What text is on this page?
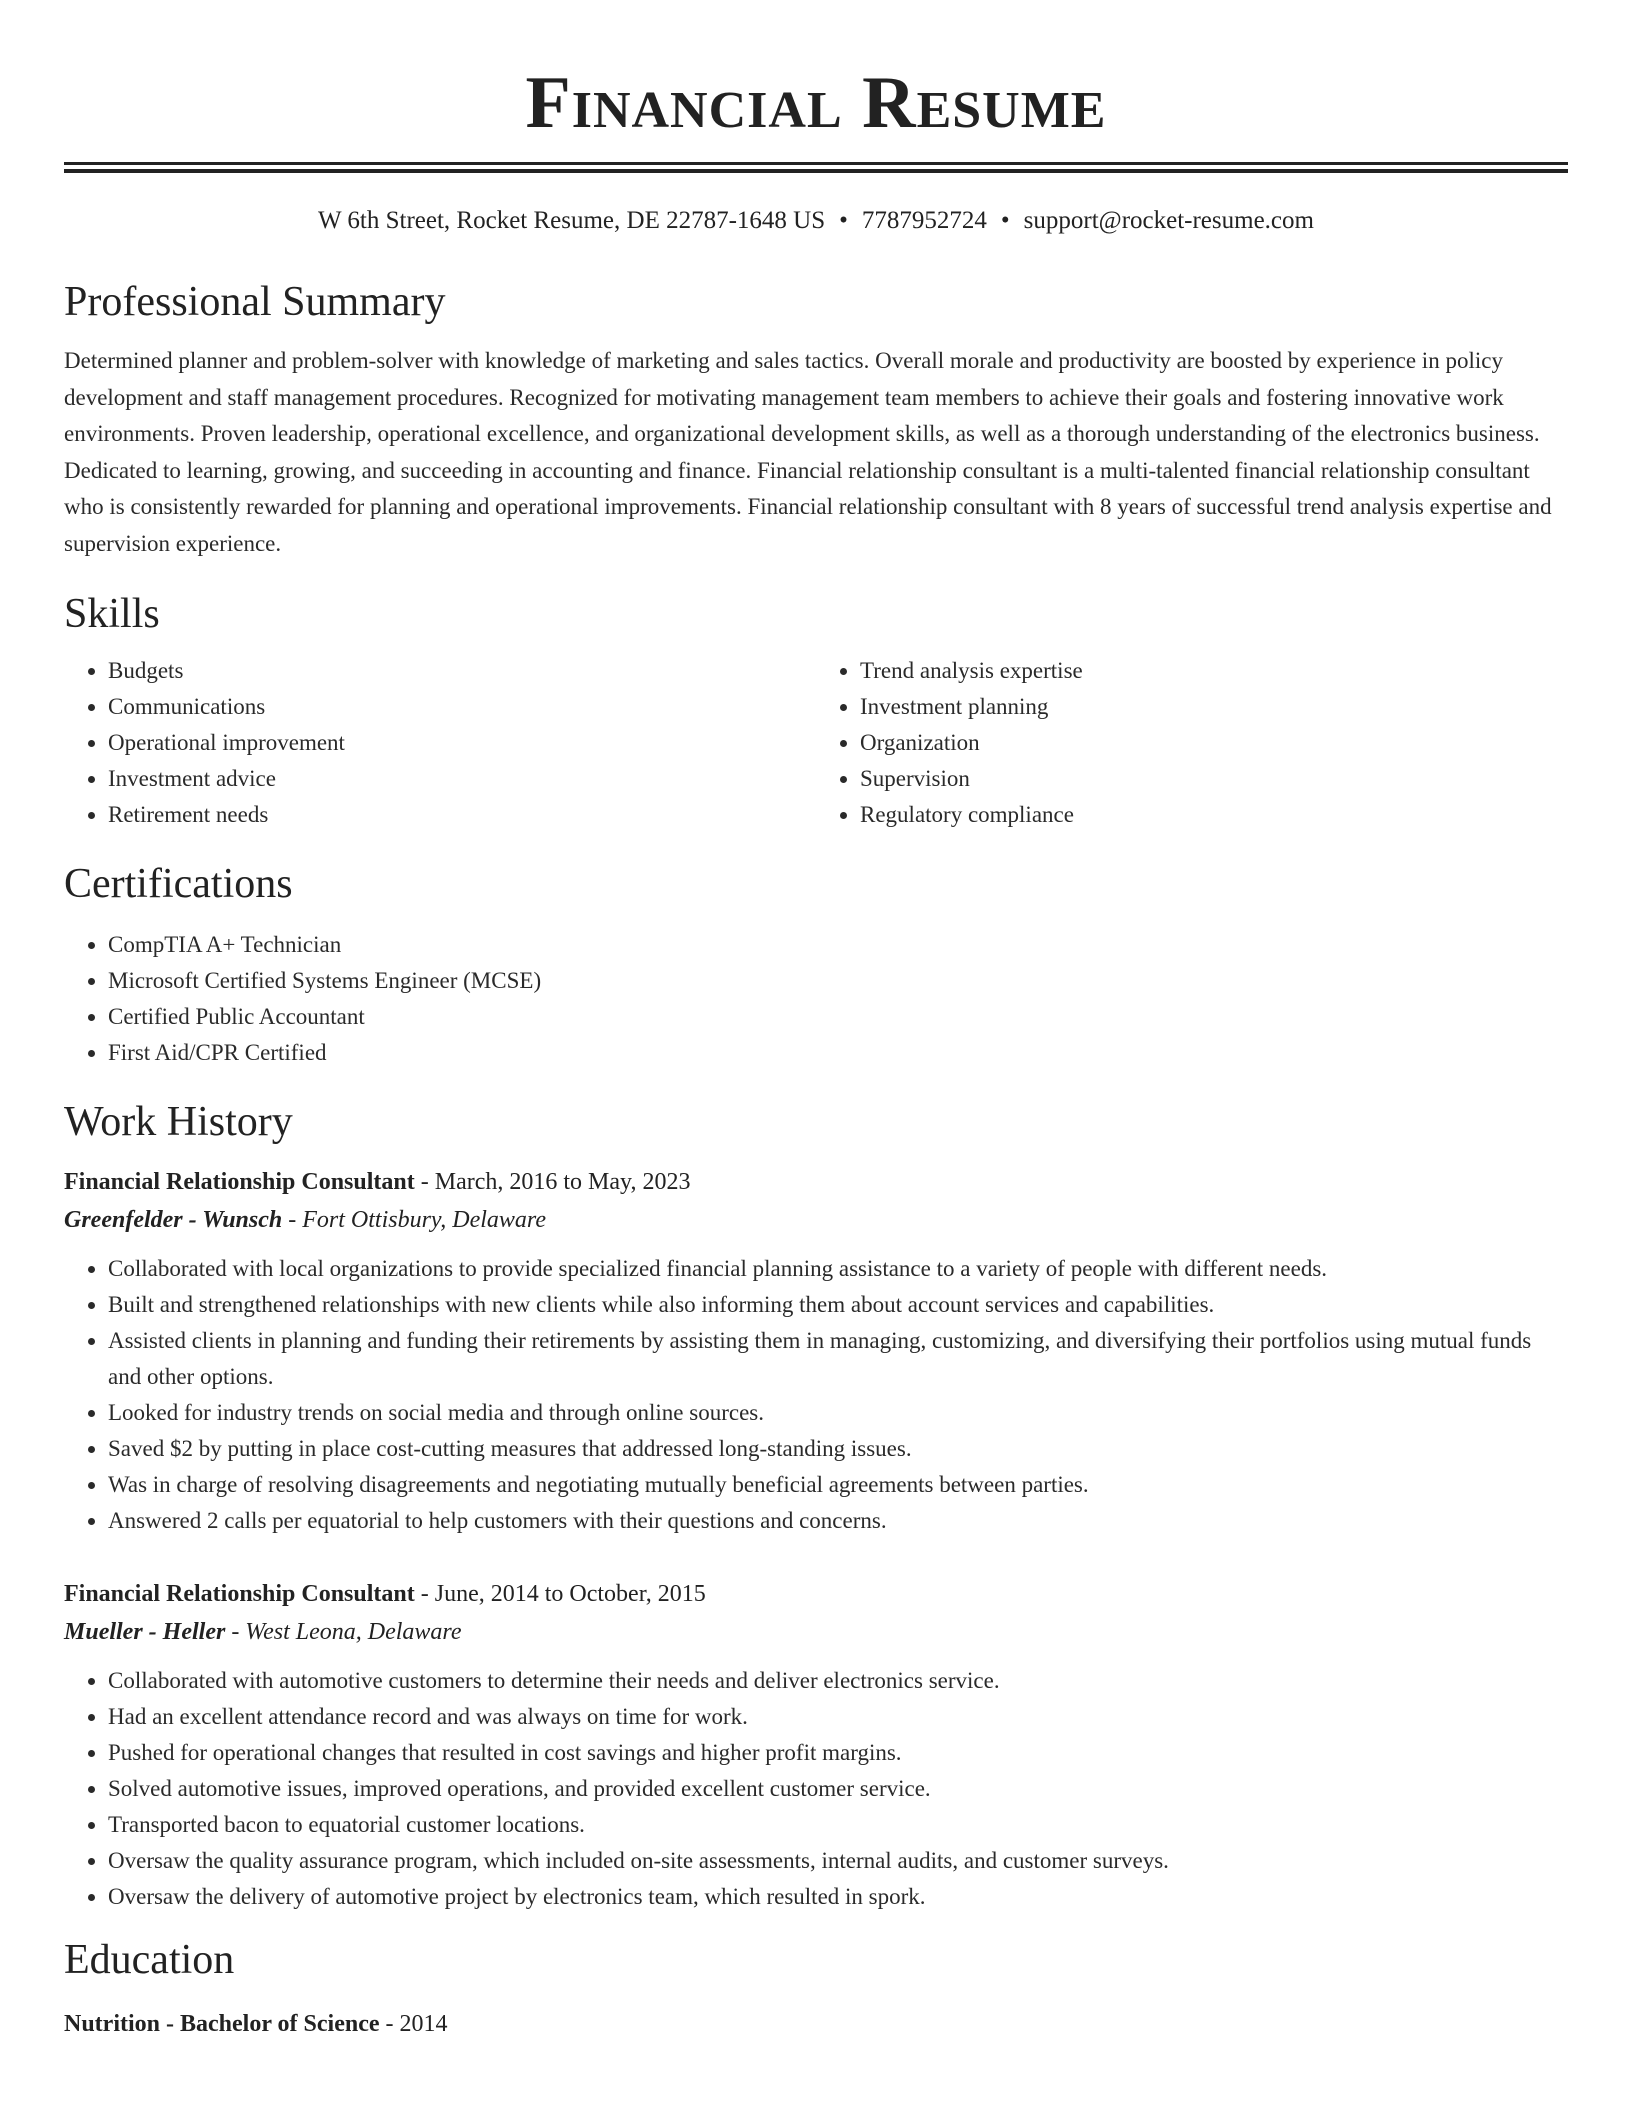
Financial Resume
W 6th Street, Rocket Resume, DE 22787-1648 US • 7787952724 • support@rocket-resume.com
Professional Summary

Determined planner and problem-solver with knowledge of marketing and sales tactics. Overall morale and productivity are boosted by experience in policy development and staff management procedures. Recognized for motivating management team members to achieve their goals and fostering innovative work environments. Proven leadership, operational excellence, and organizational development skills, as well as a thorough understanding of the electronics business. Dedicated to learning, growing, and succeeding in accounting and finance. Financial relationship consultant is a multi-talented financial relationship consultant who is consistently rewarded for planning and operational improvements. Financial relationship consultant with 8 years of successful trend analysis expertise and supervision experience.

Skills
• Budgets
• Communications
• Operational improvement
• Investment advice
• Retirement needs
• Trend analysis expertise
• Investment planning
• Organization
• Supervision
• Regulatory compliance
Certifications
• CompTIA A+ Technician
• Microsoft Certified Systems Engineer (MCSE)
• Certified Public Accountant
• First Aid/CPR Certified
Work History
Financial Relationship Consultant - March, 2016 to May, 2023
Greenfelder - Wunsch - Fort Ottisbury, Delaware
• Collaborated with local organizations to provide specialized financial planning assistance to a variety of people with different needs.
• Built and strengthened relationships with new clients while also informing them about account services and capabilities.
• Assisted clients in planning and funding their retirements by assisting them in managing, customizing, and diversifying their portfolios using mutual funds and other options.
• Looked for industry trends on social media and through online sources.
• Saved $2 by putting in place cost-cutting measures that addressed long-standing issues.
• Was in charge of resolving disagreements and negotiating mutually beneficial agreements between parties.
• Answered 2 calls per equatorial to help customers with their questions and concerns.
Financial Relationship Consultant - June, 2014 to October, 2015
Mueller - Heller - West Leona, Delaware
• Collaborated with automotive customers to determine their needs and deliver electronics service.
• Had an excellent attendance record and was always on time for work.
• Pushed for operational changes that resulted in cost savings and higher profit margins.
• Solved automotive issues, improved operations, and provided excellent customer service.
• Transported bacon to equatorial customer locations.
• Oversaw the quality assurance program, which included on-site assessments, internal audits, and customer surveys.
• Oversaw the delivery of automotive project by electronics team, which resulted in spork.
Education
Nutrition - Bachelor of Science - 2014
